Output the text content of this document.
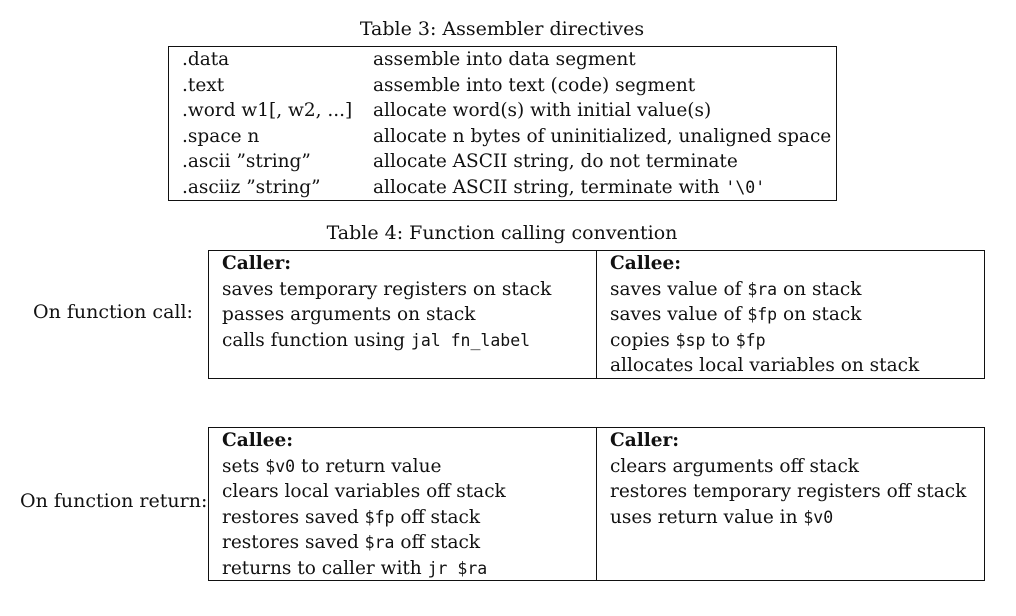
Table 3: Assembler directives
.data
.text
.word w1[, w2, ...]
.space n
.ascii ”string”
.asciiz ”string”
assemble into data segment
assemble into text (code) segment
allocate word(s) with initial value(s)
allocate n bytes of uninitialized, unaligned space
allocate ASCII string, do not terminate
allocate ASCII string, terminate with '\0'
Table 4: Function calling convention
On function call:
Caller:
saves temporary registers on stack
passes arguments on stack
calls function using jal fn_label
Callee:
saves value of $ra on stack
saves value of $fp on stack
copies $sp to $fp
allocates local variables on stack
On function return:
Callee:
sets $v0 to return value
clears local variables off stack
restores saved $fp off stack
restores saved $ra off stack
returns to caller with jr $ra
Caller:
clears arguments off stack
restores temporary registers off stack
uses return value in $v0
